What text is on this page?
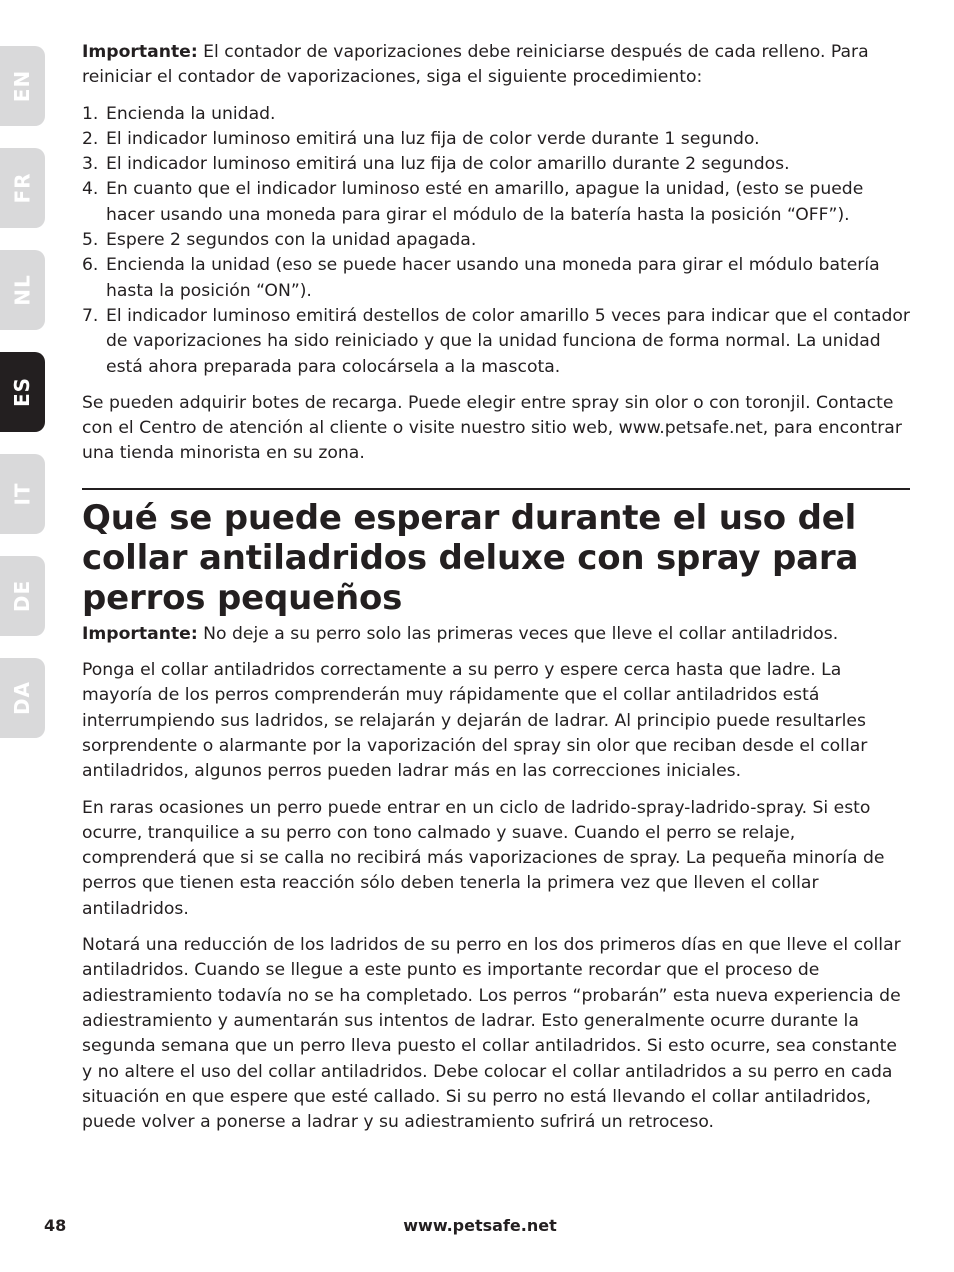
EN
FR
NL
ES
IT
DE
DA

Importante: El contador de vaporizaciones debe reiniciarse después de cada relleno. Para reiniciar el contador de vaporizaciones, siga el siguiente procedimiento:

1. Encienda la unidad.
2. El indicador luminoso emitirá una luz fija de color verde durante 1 segundo.
3. El indicador luminoso emitirá una luz fija de color amarillo durante 2 segundos.
4. En cuanto que el indicador luminoso esté en amarillo, apague la unidad, (esto se puede hacer usando una moneda para girar el módulo de la batería hasta la posición “OFF”).
5. Espere 2 segundos con la unidad apagada.
6. Encienda la unidad (eso se puede hacer usando una moneda para girar el módulo batería hasta la posición “ON”).
7. El indicador luminoso emitirá destellos de color amarillo 5 veces para indicar que el contador de vaporizaciones ha sido reiniciado y que la unidad funciona de forma normal. La unidad está ahora preparada para colocársela a la mascota.

Se pueden adquirir botes de recarga. Puede elegir entre spray sin olor o con toronjil. Contacte con el Centro de atención al cliente o visite nuestro sitio web, www.petsafe.net, para encontrar una tienda minorista en su zona.

Qué se puede esperar durante el uso del collar antiladridos deluxe con spray para perros pequeños

Importante: No deje a su perro solo las primeras veces que lleve el collar antiladridos.

Ponga el collar antiladridos correctamente a su perro y espere cerca hasta que ladre. La mayoría de los perros comprenderán muy rápidamente que el collar antiladridos está interrumpiendo sus ladridos, se relajarán y dejarán de ladrar. Al principio puede resultarles sorprendente o alarmante por la vaporización del spray sin olor que reciban desde el collar antiladridos, algunos perros pueden ladrar más en las correcciones iniciales.

En raras ocasiones un perro puede entrar en un ciclo de ladrido-spray-ladrido-spray. Si esto ocurre, tranquilice a su perro con tono calmado y suave. Cuando el perro se relaje, comprenderá que si se calla no recibirá más vaporizaciones de spray. La pequeña minoría de perros que tienen esta reacción sólo deben tenerla la primera vez que lleven el collar antiladridos.

Notará una reducción de los ladridos de su perro en los dos primeros días en que lleve el collar antiladridos. Cuando se llegue a este punto es importante recordar que el proceso de adiestramiento todavía no se ha completado. Los perros “probarán” esta nueva experiencia de adiestramiento y aumentarán sus intentos de ladrar. Esto generalmente ocurre durante la segunda semana que un perro lleva puesto el collar antiladridos. Si esto ocurre, sea constante y no altere el uso del collar antiladridos. Debe colocar el collar antiladridos a su perro en cada situación en que espere que esté callado. Si su perro no está llevando el collar antiladridos, puede volver a ponerse a ladrar y su adiestramiento sufrirá un retroceso.

48	www.petsafe.net
